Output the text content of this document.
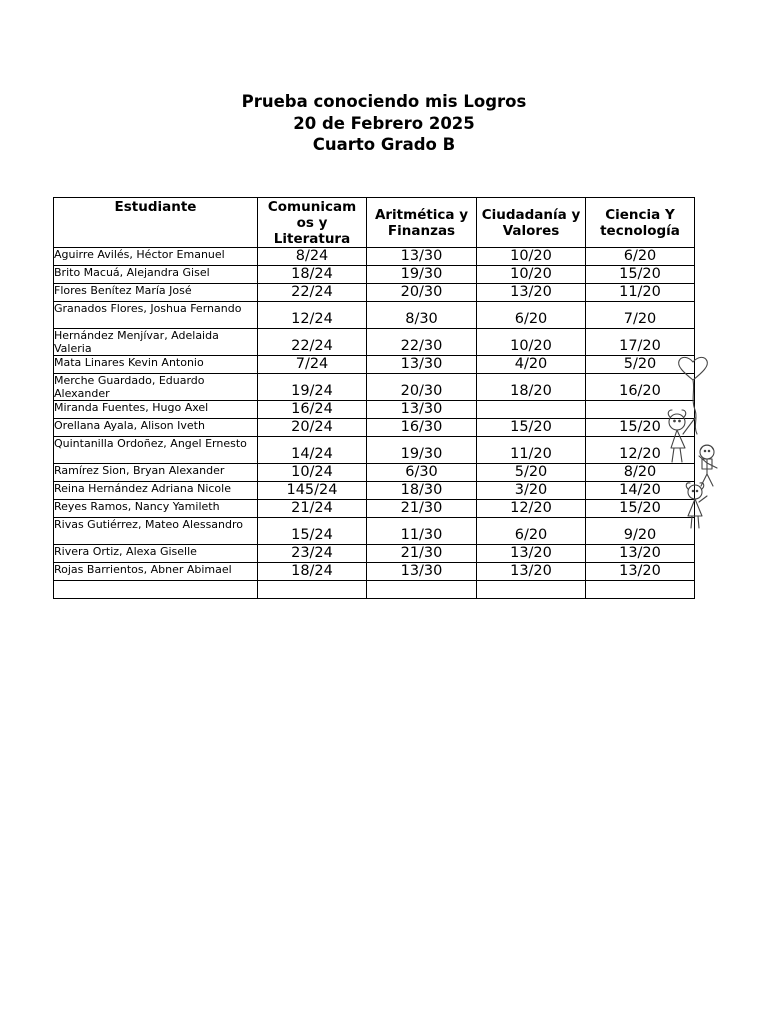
Prueba conociendo mis Logros
20 de Febrero 2025
Cuarto Grado B
Estudiante	Comunicam os y Literatura	Aritmética y Finanzas	Ciudadanía y Valores	Ciencia Y tecnología
Aguirre Avilés, Héctor Emanuel	8/24	13/30	10/20	6/20
Brito Macuá, Alejandra Gisel	18/24	19/30	10/20	15/20
Flores Benítez María José	22/24	20/30	13/20	11/20
Granados Flores, Joshua Fernando	12/24	8/30	6/20	7/20
Hernández Menjívar, Adelaida Valeria	22/24	22/30	10/20	17/20
Mata Linares Kevin Antonio	7/24	13/30	4/20	5/20
Merche Guardado, Eduardo Alexander	19/24	20/30	18/20	16/20
Miranda Fuentes, Hugo Axel	16/24	13/30		
Orellana Ayala, Alison Iveth	20/24	16/30	15/20	15/20
Quintanilla Ordoñez, Angel Ernesto	14/24	19/30	11/20	12/20
Ramírez Sion, Bryan Alexander	10/24	6/30	5/20	8/20
Reina Hernández Adriana Nicole	145/24	18/30	3/20	14/20
Reyes Ramos, Nancy Yamileth	21/24	21/30	12/20	15/20
Rivas Gutiérrez, Mateo Alessandro	15/24	11/30	6/20	9/20
Rivera Ortiz, Alexa Giselle	23/24	21/30	13/20	13/20
Rojas Barrientos, Abner Abimael	18/24	13/30	13/20	13/20
